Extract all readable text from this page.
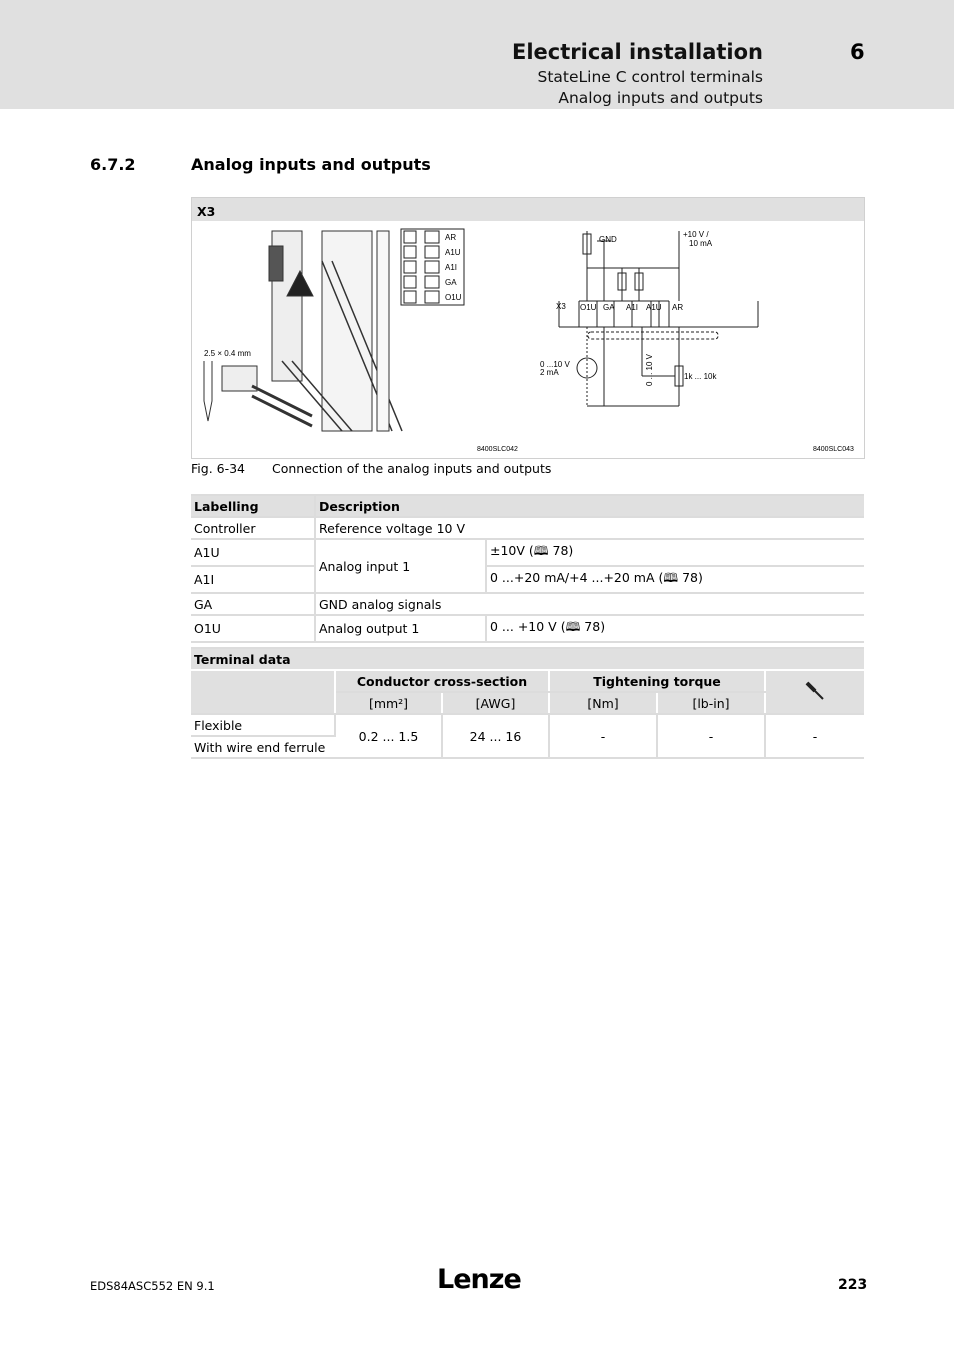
Electrical installation	6
StateLine C control terminals
Analog inputs and outputs
6.7.2	Analog inputs and outputs
X3
2.5 × 0.4 mm
AR
A1U
A1I
GA
O1U
GND
+10 V /
10 mA
X3 O1U GA A1I A1U AR
0 ...10 V
2 mA	0 ... 10 V	1k ... 10k
8400SLC042	8400SLC043
Fig. 6-34 Connection of the analog inputs and outputs
Labelling	Description	
Controller	Reference voltage 10 V	
A1U	Analog input 1	±10V (🕮 78)
A1I		0 ...+20 mA/+4 ...+20 mA (🕮 78)
GA	GND analog signals	
O1U	Analog output 1	0 ... +10 V (🕮 78)
Terminal data					
	Conductor cross-section		Tightening torque	
	[mm²]	[AWG]	[Nm]	[lb-in]	
Flexible	0.2 ... 1.5	24 ... 16	-	-	-
With wire end ferrule					
EDS84ASC552 EN 9.1	Lenze	223
